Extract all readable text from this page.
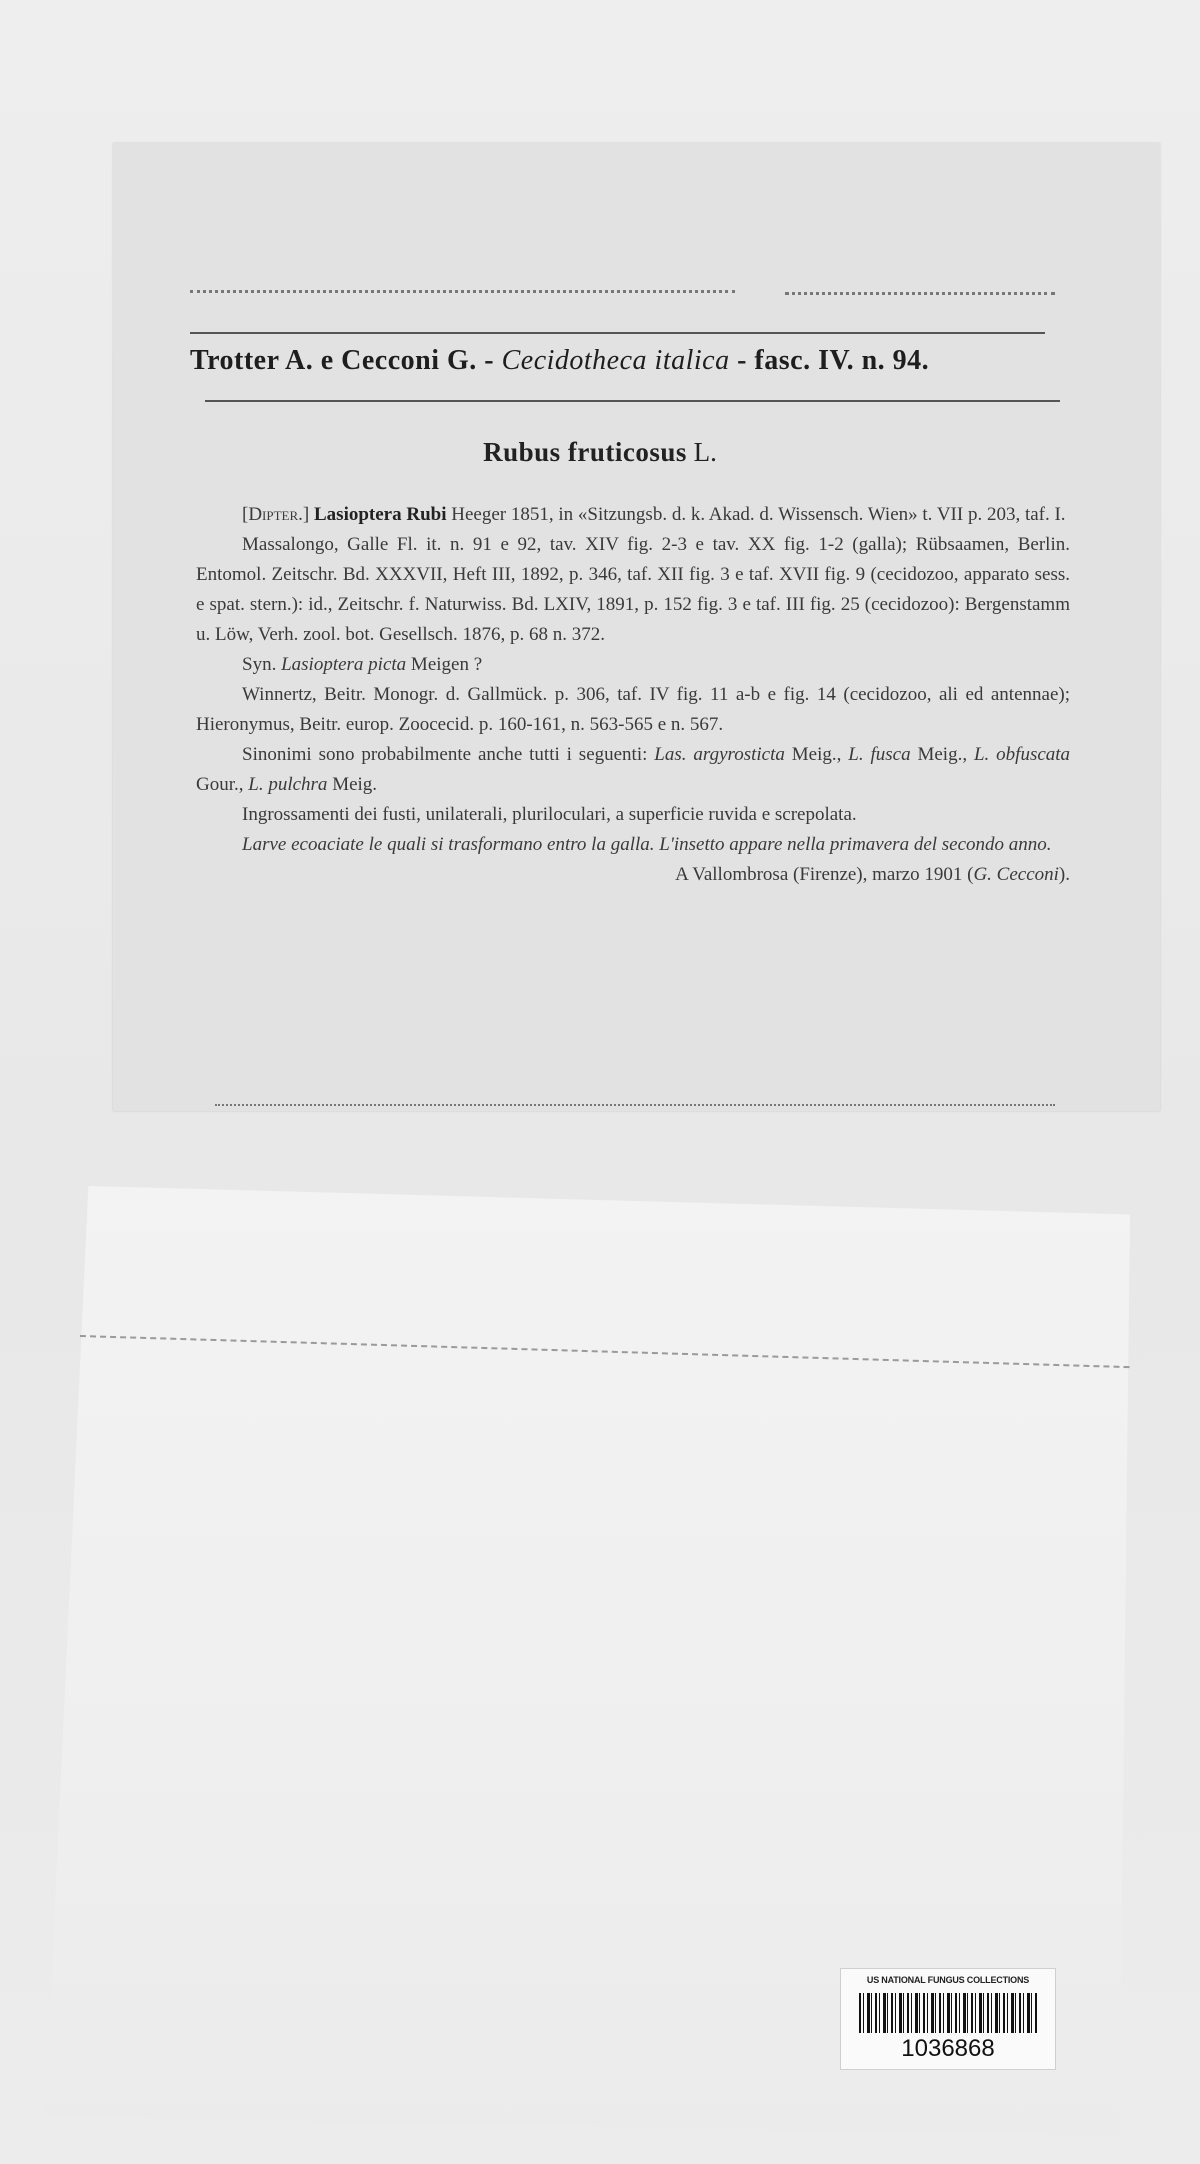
Trotter A. e Cecconi G. - Cecidotheca italica - fasc. IV. n. 94.
Rubus fruticosus L.

[Dipter.] Lasioptera Rubi Heeger 1851, in «Sitzungsb. d. k. Akad. d. Wissensch. Wien» t. VII p. 203, taf. I.

Massalongo, Galle Fl. it. n. 91 e 92, tav. XIV fig. 2-3 e tav. XX fig. 1-2 (galla); Rübsaamen, Berlin. Entomol. Zeitschr. Bd. XXXVII, Heft III, 1892, p. 346, taf. XII fig. 3 e taf. XVII fig. 9 (cecidozoo, apparato sess. e spat. stern.): id., Zeitschr. f. Naturwiss. Bd. LXIV, 1891, p. 152 fig. 3 e taf. III fig. 25 (cecidozoo): Bergenstamm u. Löw, Verh. zool. bot. Gesellsch. 1876, p. 68 n. 372.

Syn. Lasioptera picta Meigen ?

Winnertz, Beitr. Monogr. d. Gallmück. p. 306, taf. IV fig. 11 a-b e fig. 14 (cecidozoo, ali ed antennae); Hieronymus, Beitr. europ. Zoocecid. p. 160-161, n. 563-565 e n. 567.

Sinonimi sono probabilmente anche tutti i seguenti: Las. argyrosticta Meig., L. fusca Meig., L. obfuscata Gour., L. pulchra Meig.

Ingrossamenti dei fusti, unilaterali, pluriloculari, a superficie ruvida e screpolata.

Larve ecoaciate le quali si trasformano entro la galla. L'insetto appare nella primavera del secondo anno.

A Vallombrosa (Firenze), marzo 1901 (G. Cecconi).

US NATIONAL FUNGUS COLLECTIONS
1036868
